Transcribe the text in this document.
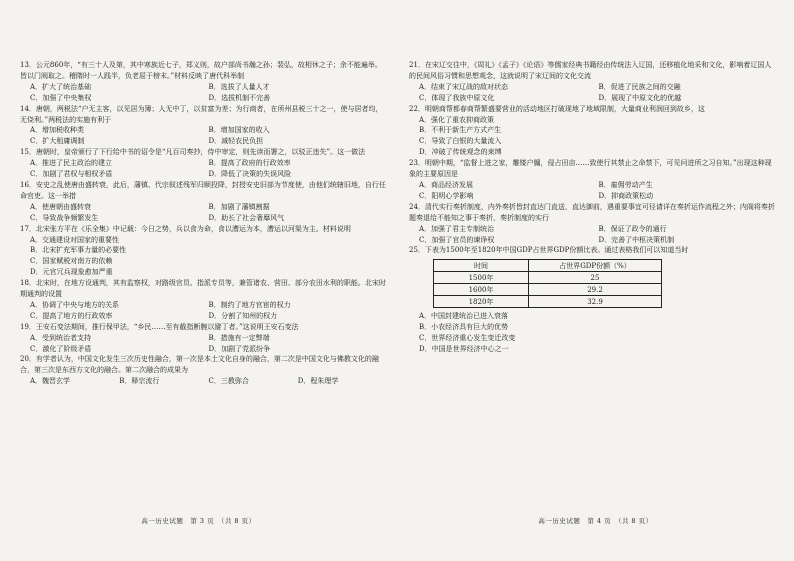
13．公元860年，“有三十人及第，其中寒族近七子，郑义则，故户部尚书瀚之孙；裴弘，故相休之子；余不能遍举。皆以门阀取之。稽隋时一人践半，负老屈于榜末。”材料反映了唐代科举制

A．扩大了统治基础	B．选拔了人量人才
C．加强了中央集权	D．选拔机制不完善

14．唐朝，两税法“户无主客，以见居为簿；人无中丁，以贫富为差；为行商者，在所州县税三十之一，使与居者均，无侥利。”两税法的实施有利于

A．增加税收种类	B．增加国家的收入
C．扩大租庸调制	D．减轻农民负担

15．唐朝时，皇帝颁行了下行给中书的诏令是“凡百司奏抄，侍中审定，则先读而署之，以驳正违失”。这一做法

A．推进了民主政治的建立	B．提高了政府的行政效率
C．加剧了君权与相权矛盾	D．降低了决策的失误风险

16．安史之乱使唐由盛转衰，此后，藩镇、代宗叙述残军归顺投降，封授安史旧部为节度使，由他们统辖旧地，自行任命官吏。这一举措

A．使唐朝由盛转衰	B．加剧了藩镇割据
C．导致战争频繁发生	D．助长了社会奢靡风气

17．北宋张方平在《乐全集》中记载：今日之势，兵以食为命，食以漕运为本，漕运以河渠为主。材料说明

A．交通建设对国家的重要性
B．北宋扩充军事力量的必要性
C．国家赋税对南方的依赖
D．元官冗兵现象愈加严重

18．北宋时，在地方设通判，其有监察权，对路级官员、指派专员等，兼管诸农、营田、部分农田水利的职能。北宋时期通判的设置

A．协调了中央与地方的关系	B．制约了地方官宦的权力
C．提高了地方的行政效率	D．分割了知州的权力

19．王安石变法期间，推行保甲法，“乡民……至有截指断腕以避丁者。”这说明王安石变法

A．受到统治者支持	B．措施有一定弊端
C．激化了阶级矛盾	D．加剧了党派纷争

20．有学者认为，中国文化发生三次历史性融合，第一次是本土文化自身的融合，第二次是中国文化与佛教文化的融合，第三次是东西方文化的融合。第二次融合的成果为

A．魏晋玄学	B．释宗流行	C．三教弥合	D．程朱理学
高一历史试题　第 3 页　（共 8 页）

21．在宋辽交往中，《周礼》《孟子》《论语》等儒家经典书籍经由传统法入辽国，还移植化地采和文化，影响着辽国人的民间风俗习惯和思想观念，这就说明了宋辽间的文化交流

A．结束了宋辽战的敌对状态	B．促进了民族之间的交融
C．体现了我族中原文化	D．展现了中原文化的优越

22．明朝商帮都春商帮繁盛要营业的活动地区打破现地了地域限制，大量商业利润回到故乡，这

A．强化了重农抑商政策
B．不利于新生产方式产生
C．导致了白银的大量流入
D．冲破了传统观念的束缚

23．明朝中期，“监督上进之家，雕镂户牖，侵占田亩……致使行其禁止之命禁下，可见问进所之习自知。”出现这种现象的主要原因是

A．商品经济发展	B．雇佣劳动产生
C．阳明心学影响	D．抑商政策松动

24．清代实行奏折制度，内外奏折皆封直达门直送，直达御前，遇重要事宜可径请详在奏折运作流程之外；内阁将奏折题奏退给不能知之事于奏折，奏折制度的实行

A．加强了君主专制统治	B．保证了政令的通行
C．加强了官员的谏诤权	D．完善了中枢决策机制

25．下表为1500年至1820年中国GDP占世界GDP份额比表。通过表格我们可以知道当时

时间	占世界GDP份额（%）
1500年	25
1600年	29.2
1820年	32.9
A．中国封建统治已进入衰落
B．小农经济具有巨大的优势
C．世界经济重心发生变迁改变
D．中国是世界经济中心之一
高一历史试题　第 4 页　（共 8 页）
